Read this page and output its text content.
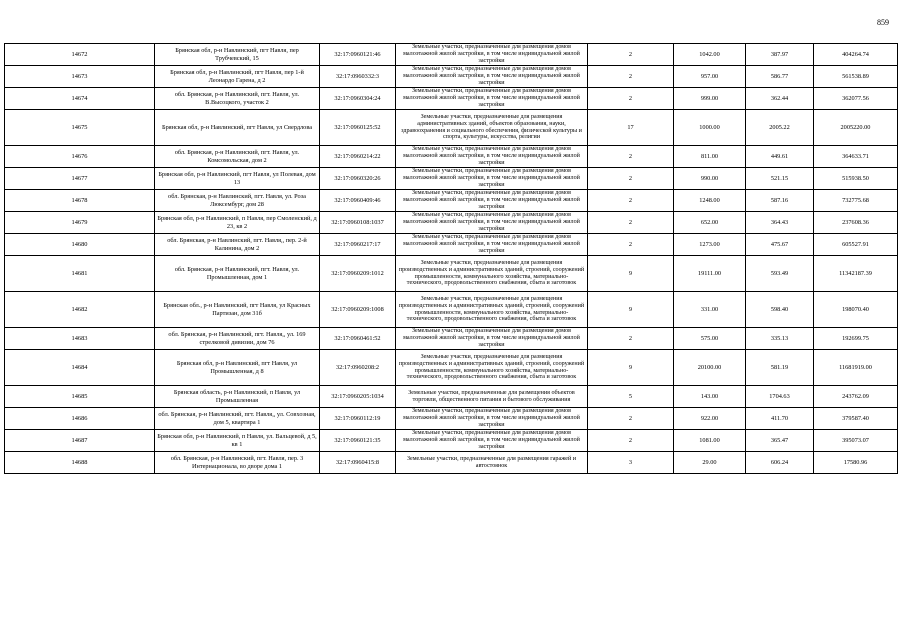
859
14672	Брянская обл, р-н Навлинский, пгт Навля, пер Трубчевский, 15	32:17:0960121:46	Земельные участки, предназначенные для размещения домов малоэтажной жилой застройки, в том числе индивидуальной жилой застройки	2	1042.00	387.97	404264.74
14673	Брянская обл, р-н Навлинский, пгт Навля, пер 1-й Леонардо Гарена, д 2	32:17:0960332:3	Земельные участки, предназначенные для размещения домов малоэтажной жилой застройки, в том числе индивидуальной жилой застройки	2	957.00	586.77	561538.89
14674	обл. Брянская, р-н Навлинский, пгт. Навля, ул. В.Высоцкого, участок 2	32:17:0960304:24	Земельные участки, предназначенные для размещения домов малоэтажной жилой застройки, в том числе индивидуальной жилой застройки	2	999.00	362.44	362077.56
14675	Брянская обл, р-н Навлинский, пгт Навля, ул Свердлова	32:17:0960125:52	Земельные участки, предназначенные для размещения административных зданий, объектов образования, науки, здравоохранения и социального обеспечения, физической культуры и спорта, культуры, искусства, религии	17	1000.00	2005.22	2005220.00
14676	обл. Брянская, р-н Навлинский, пгт. Навля, ул. Комсомольская, дом 2	32:17:0960214:22	Земельные участки, предназначенные для размещения домов малоэтажной жилой застройки, в том числе индивидуальной жилой застройки	2	811.00	449.61	364633.71
14677	Брянская обл, р-н Навлинский, пгт Навля, ул Полевая, дом 13	32:17:0960320:26	Земельные участки, предназначенные для размещения домов малоэтажной жилой застройки, в том числе индивидуальной жилой застройки	2	990.00	521.15	515938.50
14678	обл. Брянская, р-н Навлинский, пгт. Навля, ул. Роза Люксембург, дом 28	32:17:0960409:46	Земельные участки, предназначенные для размещения домов малоэтажной жилой застройки, в том числе индивидуальной жилой застройки	2	1248.00	587.16	732775.68
14679	Брянская обл, р-н Навлинский, п Навля, пер Смоленский, д 23, кв 2	32:17:0960108:1037	Земельные участки, предназначенные для размещения домов малоэтажной жилой застройки, в том числе индивидуальной жилой застройки	2	652.00	364.43	237608.36
14680	обл. Брянская, р-н Навлинский, пгт. Навля,, пер. 2-й Калинина, дом 2	32:17:0960217:17	Земельные участки, предназначенные для размещения домов малоэтажной жилой застройки, в том числе индивидуальной жилой застройки	2	1273.00	475.67	605527.91
14681	обл. Брянская, р-н Навлинский, пгт. Навля, ул. Промышленная, дом 1	32:17:0960209:1012	Земельные участки, предназначенные для размещения производственных и административных зданий, строений, сооружений промышленности, коммунального хозяйства, материально-технического, продовольственного снабжения, сбыта и заготовок	9	19111.00	593.49	11342187.39
14682	Брянская обл., р-н Навлинский, пгт Навля, ул Красных Партизан, дом 31б	32:17:0960209:1008	Земельные участки, предназначенные для размещения производственных и административных зданий, строений, сооружений промышленности, коммунального хозяйства, материально-технического, продовольственного снабжения, сбыта и заготовок	9	331.00	598.40	198070.40
14683	обл. Брянская, р-н Навлинский, пгт. Навля,, ул. 169 стрелковой дивизии, дом 76	32:17:0960461:52	Земельные участки, предназначенные для размещения домов малоэтажной жилой застройки, в том числе индивидуальной жилой застройки	2	575.00	335.13	192699.75
14684	Брянская обл, р-н Навлинский, пгт Навля, ул Промышленная, д 8	32:17:0960208:2	Земельные участки, предназначенные для размещения производственных и административных зданий, строений, сооружений промышленности, коммунального хозяйства, материально-технического, продовольственного снабжения, сбыта и заготовок	9	20100.00	581.19	11681919.00
14685	Брянская область, р-н Навлинский, п Навля, ул Промышленная	32:17:0960205:1034	Земельные участки, предназначенные для размещения объектов торговли, общественного питания и бытового обслуживания	5	143.00	1704.63	243762.09
14686	обл. Брянская, р-н Навлинский, пгт. Навля,, ул. Совхозная, дом 5, квартира 1	32:17:0960112:19	Земельные участки, предназначенные для размещения домов малоэтажной жилой застройки, в том числе индивидуальной жилой застройки	2	922.00	411.70	379587.40
14687	Брянская обл, р-н Навлинский, п Навля, ул. Вальцевой, д 5, кв 1	32:17:0960121:35	Земельные участки, предназначенные для размещения домов малоэтажной жилой застройки, в том числе индивидуальной жилой застройки	2	1081.00	365.47	395073.07
14688	обл. Брянская, р-н Навлинский, пгт. Навля, пер. 3 Интернационала, во дворе дома 1	32:17:0960415:8	Земельные участки, предназначенные для размещения гаражей и автостоянок	3	29.00	606.24	17580.96
